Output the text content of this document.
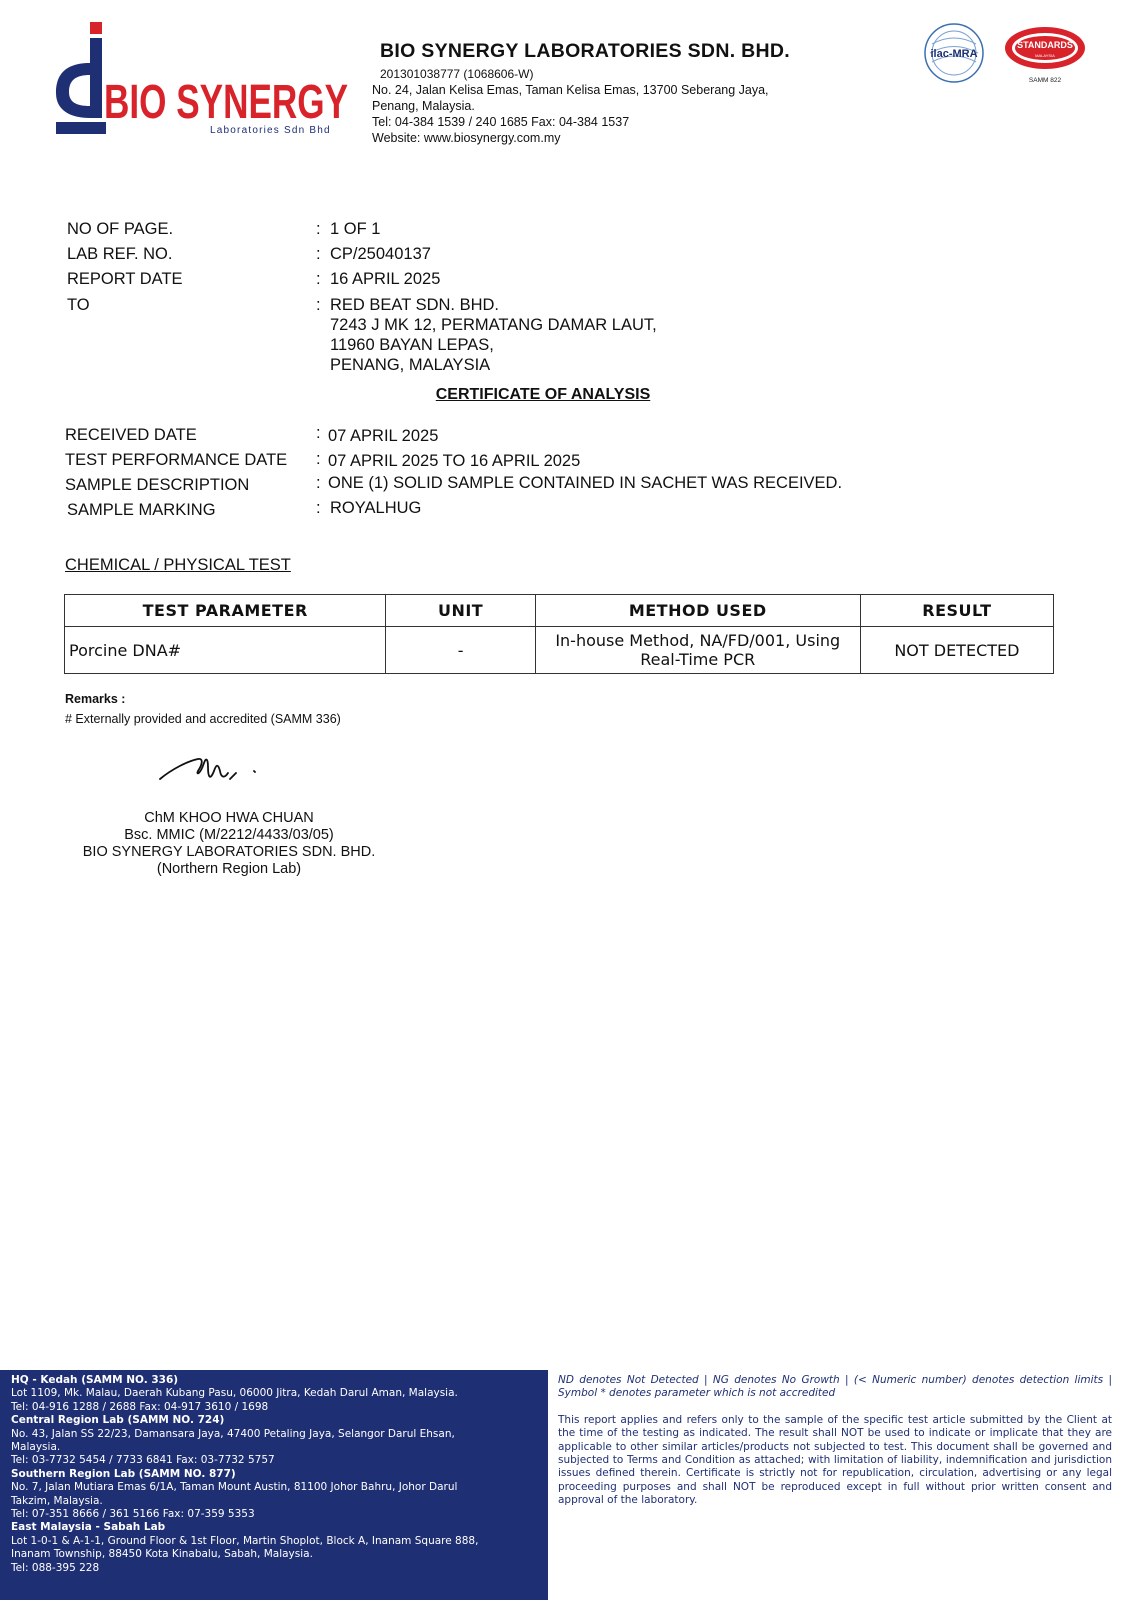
BIO SYNERGY
Laboratories Sdn Bhd
BIO SYNERGY LABORATORIES SDN. BHD.
201301038777 (1068606-W)
No. 24, Jalan Kelisa Emas, Taman Kelisa Emas, 13700 Seberang Jaya,
Penang, Malaysia.
Tel: 04-384 1539 / 240 1685 Fax: 04-384 1537
Website: www.biosynergy.com.my
ilac-MRA
STANDARDS
MALAYSIA
SAMM 822
NO OF PAGE.	: 1 OF 1
LAB REF. NO.	: CP/25040137
REPORT DATE	: 16 APRIL 2025
TO	: RED BEAT SDN. BHD.
7243 J MK 12, PERMATANG DAMAR LAUT,
11960 BAYAN LEPAS,
PENANG, MALAYSIA
CERTIFICATE OF ANALYSIS
RECEIVED DATE	: 07 APRIL 2025
TEST PERFORMANCE DATE : 07 APRIL 2025 TO 16 APRIL 2025
SAMPLE DESCRIPTION	: ONE (1) SOLID SAMPLE CONTAINED IN SACHET WAS RECEIVED.
SAMPLE MARKING	: ROYALHUG
CHEMICAL / PHYSICAL TEST
TEST PARAMETER	UNIT	METHOD USED	RESULT
Porcine DNA#	-	In-house Method, NA/FD/001, Using
Real-Time PCR	NOT DETECTED
Remarks :
# Externally provided and accredited (SAMM 336)
ChM KHOO HWA CHUAN
Bsc. MMIC (M/2212/4433/03/05)
BIO SYNERGY LABORATORIES SDN. BHD.
(Northern Region Lab)
HQ - Kedah (SAMM NO. 336)
Lot 1109, Mk. Malau, Daerah Kubang Pasu, 06000 Jitra, Kedah Darul Aman, Malaysia.
Tel: 04-916 1288 / 2688 Fax: 04-917 3610 / 1698
Central Region Lab (SAMM NO. 724)
No. 43, Jalan SS 22/23, Damansara Jaya, 47400 Petaling Jaya, Selangor Darul Ehsan,
Malaysia.
Tel: 03-7732 5454 / 7733 6841 Fax: 03-7732 5757
Southern Region Lab (SAMM NO. 877)
No. 7, Jalan Mutiara Emas 6/1A, Taman Mount Austin, 81100 Johor Bahru, Johor Darul
Takzim, Malaysia.
Tel: 07-351 8666 / 361 5166 Fax: 07-359 5353
East Malaysia - Sabah Lab
Lot 1-0-1 & A-1-1, Ground Floor & 1st Floor, Martin Shoplot, Block A, Inanam Square 888,
Inanam Township, 88450 Kota Kinabalu, Sabah, Malaysia.
Tel: 088-395 228
ND denotes Not Detected | NG denotes No Growth | (< Numeric number) denotes detection limits | Symbol * denotes parameter which is not accredited
This report applies and refers only to the sample of the specific test article submitted by the Client at the time of the testing as indicated. The result shall NOT be used to indicate or implicate that they are applicable to other similar articles/products not subjected to test. This document shall be governed and subjected to Terms and Condition as attached; with limitation of liability, indemnification and jurisdiction issues defined therein. Certificate is strictly not for republication, circulation, advertising or any legal proceeding purposes and shall NOT be reproduced except in full without prior written consent and approval of the laboratory.
